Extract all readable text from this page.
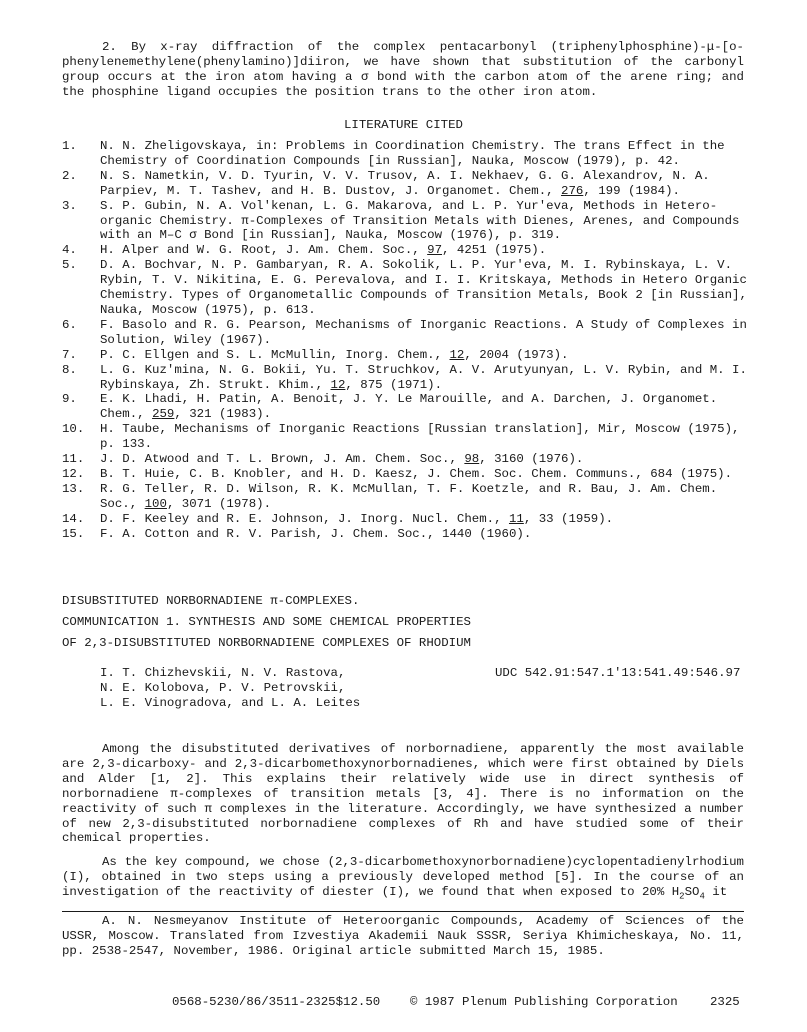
2. By x-ray diffraction of the complex pentacarbonyl (triphenylphosphine)-μ-[o-phenylenemethylene(phenylamino)]diiron, we have shown that substitution of the carbonyl group occurs at the iron atom having a σ bond with the carbon atom of the arene ring; and the phosphine ligand occupies the position trans to the other iron atom.

LITERATURE CITED
1.	N. N. Zheligovskaya, in: Problems in Coordination Chemistry. The trans Effect in the Chemistry of Coordination Compounds [in Russian], Nauka, Moscow (1979), p. 42.
2.	N. S. Nametkin, V. D. Tyurin, V. V. Trusov, A. I. Nekhaev, G. G. Alexandrov, N. A. Parpiev, M. T. Tashev, and H. B. Dustov, J. Organomet. Chem., 276, 199 (1984).
3.	S. P. Gubin, N. A. Vol'kenan, L. G. Makarova, and L. P. Yur'eva, Methods in Hetero-organic Chemistry. π-Complexes of Transition Metals with Dienes, Arenes, and Compounds with an M–C σ Bond [in Russian], Nauka, Moscow (1976), p. 319.
4.	H. Alper and W. G. Root, J. Am. Chem. Soc., 97, 4251 (1975).
5.	D. A. Bochvar, N. P. Gambaryan, R. A. Sokolik, L. P. Yur'eva, M. I. Rybinskaya, L. V. Rybin, T. V. Nikitina, E. G. Perevalova, and I. I. Kritskaya, Methods in Hetero Organic Chemistry. Types of Organometallic Compounds of Transition Metals, Book 2 [in Russian], Nauka, Moscow (1975), p. 613.
6.	F. Basolo and R. G. Pearson, Mechanisms of Inorganic Reactions. A Study of Complexes in Solution, Wiley (1967).
7.	P. C. Ellgen and S. L. McMullin, Inorg. Chem., 12, 2004 (1973).
8.	L. G. Kuz'mina, N. G. Bokii, Yu. T. Struchkov, A. V. Arutyunyan, L. V. Rybin, and M. I. Rybinskaya, Zh. Strukt. Khim., 12, 875 (1971).
9.	E. K. Lhadi, H. Patin, A. Benoit, J. Y. Le Marouille, and A. Darchen, J. Organomet. Chem., 259, 321 (1983).
10.	H. Taube, Mechanisms of Inorganic Reactions [Russian translation], Mir, Moscow (1975), p. 133.
11.	J. D. Atwood and T. L. Brown, J. Am. Chem. Soc., 98, 3160 (1976).
12.	B. T. Huie, C. B. Knobler, and H. D. Kaesz, J. Chem. Soc. Chem. Communs., 684 (1975).
13.	R. G. Teller, R. D. Wilson, R. K. McMullan, T. F. Koetzle, and R. Bau, J. Am. Chem. Soc., 100, 3071 (1978).
14.	D. F. Keeley and R. E. Johnson, J. Inorg. Nucl. Chem., 11, 33 (1959).
15.	F. A. Cotton and R. V. Parish, J. Chem. Soc., 1440 (1960).
DISUBSTITUTED NORBORNADIENE π-COMPLEXES.
COMMUNICATION 1. SYNTHESIS AND SOME CHEMICAL PROPERTIES
OF 2,3-DISUBSTITUTED NORBORNADIENE COMPLEXES OF RHODIUM
I. T. Chizhevskii, N. V. Rastova,
N. E. Kolobova, P. V. Petrovskii,
L. E. Vinogradova, and L. A. Leites
UDC 542.91:547.1'13:541.49:546.97

Among the disubstituted derivatives of norbornadiene, apparently the most available are 2,3-dicarboxy- and 2,3-dicarbomethoxynorbornadienes, which were first obtained by Diels and Alder [1, 2]. This explains their relatively wide use in direct synthesis of norbornadiene π-complexes of transition metals [3, 4]. There is no information on the reactivity of such π complexes in the literature. Accordingly, we have synthesized a number of new 2,3-disubstituted norbornadiene complexes of Rh and have studied some of their chemical properties.

As the key compound, we chose (2,3-dicarbomethoxynorbornadiene)cyclopentadienylrhodium (I), obtained in two steps using a previously developed method [5]. In the course of an investigation of the reactivity of diester (I), we found that when exposed to 20% $H_2SO_4$ it

A. N. Nesmeyanov Institute of Heteroorganic Compounds, Academy of Sciences of the USSR, Moscow. Translated from Izvestiya Akademii Nauk SSSR, Seriya Khimicheskaya, No. 11, pp. 2538-2547, November, 1986. Original article submitted March 15, 1985.

0568-5230/86/3511-2325$12.50 © 1987 Plenum Publishing Corporation	2325
